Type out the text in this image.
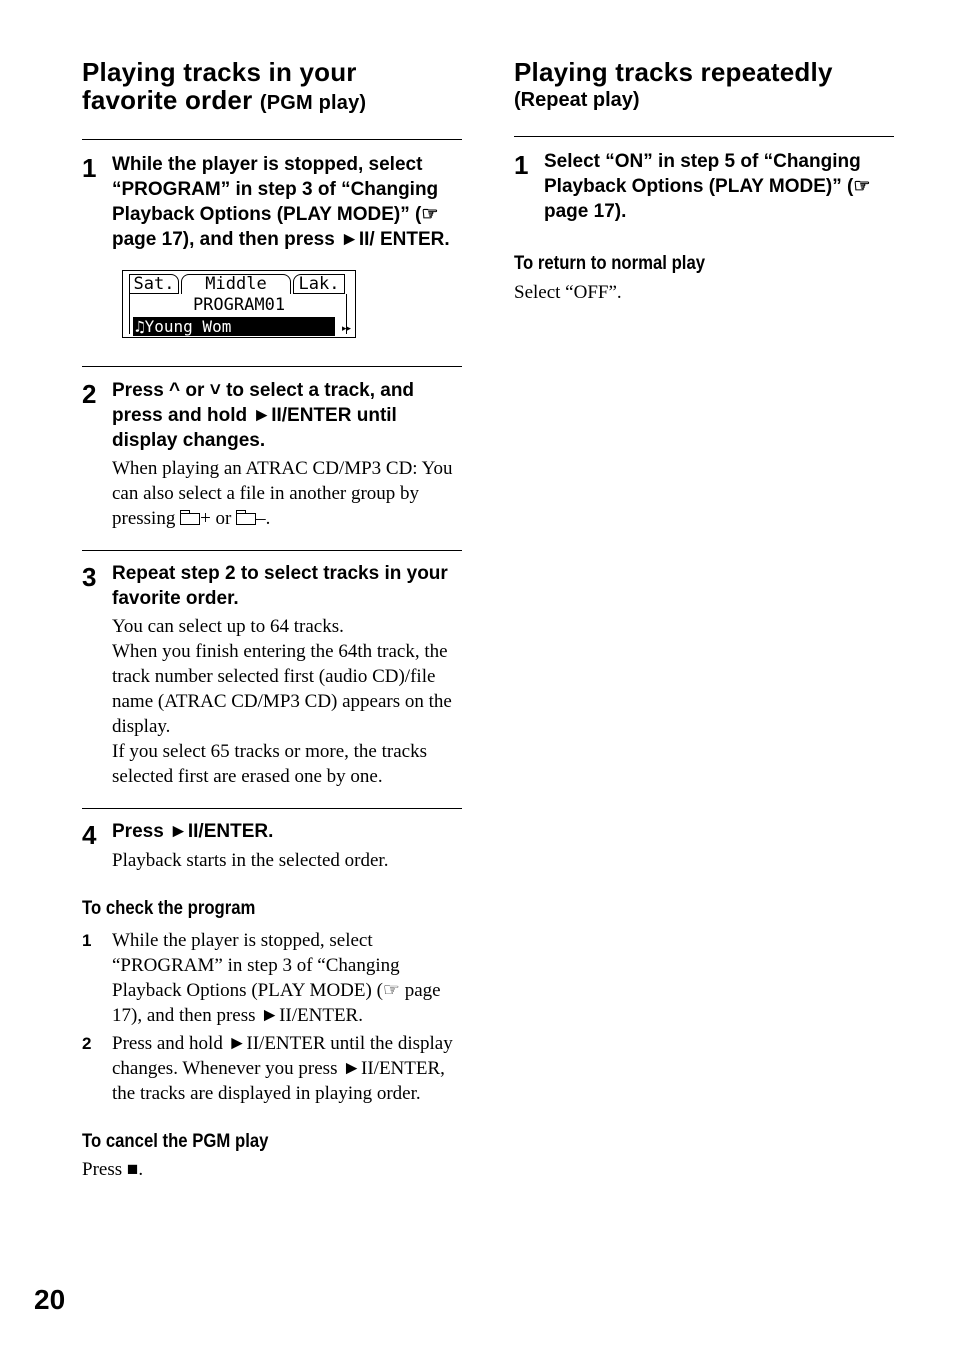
Playing tracks in your
favorite order (PGM play)
1 While the player is stopped, select “PROGRAM” in step 3 of “Changing Playback Options (PLAY MODE)” (☞ page 17), and then press ►II/ ENTER.

Sat.	Middle	Lak.
PROGRAM01
♫Young Wom	▸▸
2 Press ^ or ˅ to select a track, and press and hold ►II/ENTER until display changes.

When playing an ATRAC CD/MP3 CD: You can also select a file in another group by pressing + or –.

3 Repeat step 2 to select tracks in your favorite order.

You can select up to 64 tracks.

When you finish entering the 64th track, the track number selected first (audio CD)/file name (ATRAC CD/MP3 CD) appears on the display.

If you select 65 tracks or more, the tracks selected first are erased one by one.

4 Press ►II/ENTER.

Playback starts in the selected order.

To check the program

1 While the player is stopped, select “PROGRAM” in step 3 of “Changing Playback Options (PLAY MODE) (☞ page 17), and then press ►II/ENTER.

2 Press and hold ►II/ENTER until the display changes. Whenever you press ►II/ENTER, the tracks are displayed in playing order.

To cancel the PGM play

Press ■.

Playing tracks repeatedly

(Repeat play)

1 Select “ON” in step 5 of “Changing Playback Options (PLAY MODE)” (☞page 17).

To return to normal play

Select “OFF”.

20
